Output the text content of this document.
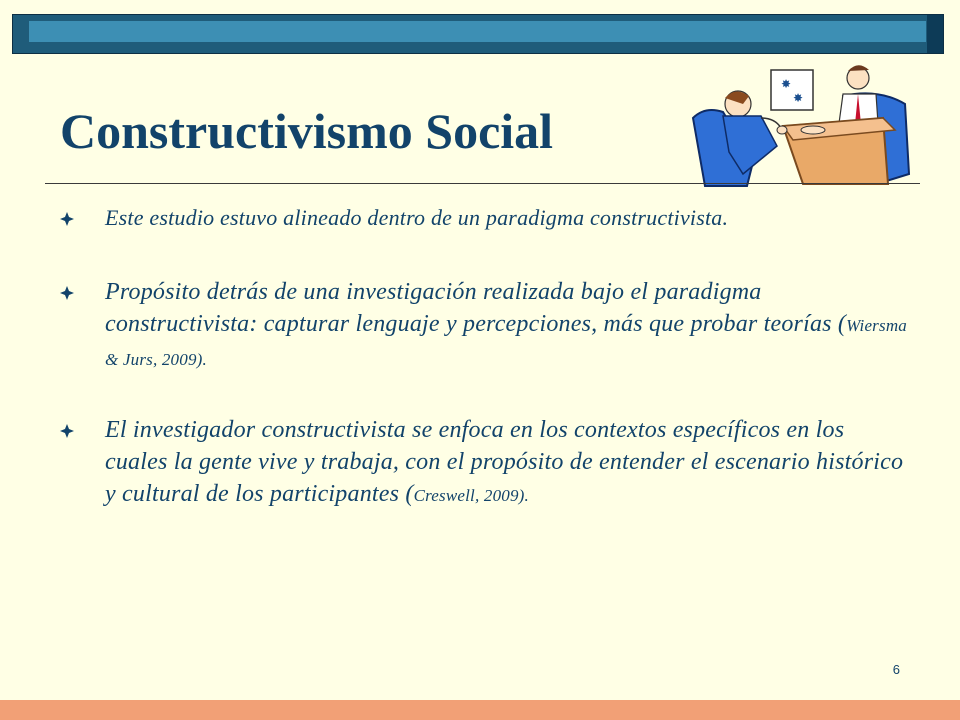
Constructivismo Social
✸
✸
Este estudio estuvo alineado dentro de un paradigma constructivista.
Propósito detrás de una investigación realizada bajo el paradigma constructivista: capturar lenguaje y percepciones, más que probar teorías (Wiersma & Jurs, 2009).
El investigador constructivista se enfoca en los contextos específicos en los cuales la gente vive y trabaja, con el propósito de entender el escenario histórico y cultural de los participantes (Creswell, 2009).
6
